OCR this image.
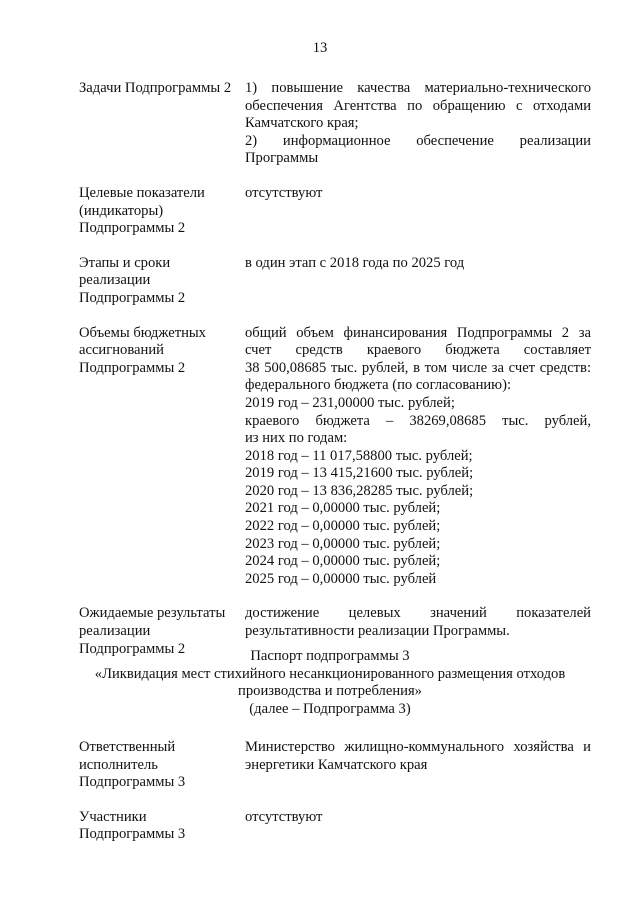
13
Задачи Подпрограммы 2 1) повышение качества материально-технического
обеспечения Агентства по обращению с отходами
Камчатского края;
2) информационное обеспечение реализации
Программы
Целевые показатели
(индикаторы)
Подпрограммы 2
отсутствуют
Этапы и сроки
реализации
Подпрограммы 2
в один этап с 2018 года по 2025 год
Объемы бюджетных
ассигнований
Подпрограммы 2
общий объем финансирования Подпрограммы 2 за
счет средств краевого бюджета составляет
38 500,08685 тыс. рублей, в том числе за счет средств:
федерального бюджета (по согласованию):
2019 год – 231,00000 тыс. рублей;
краевого бюджета – 38269,08685 тыс. рублей,
из них по годам:
2018 год – 11 017,58800 тыс. рублей;
2019 год – 13 415,21600 тыс. рублей;
2020 год – 13 836,28285 тыс. рублей;
2021 год – 0,00000 тыс. рублей;
2022 год – 0,00000 тыс. рублей;
2023 год – 0,00000 тыс. рублей;
2024 год – 0,00000 тыс. рублей;
2025 год – 0,00000 тыс. рублей
Ожидаемые результаты
реализации
Подпрограммы 2
достижение целевых значений показателей
результативности реализации Программы.
Паспорт подпрограммы 3
«Ликвидация мест стихийного несанкционированного размещения отходов
производства и потребления»
(далее – Подпрограмма 3)
Ответственный
исполнитель
Подпрограммы 3
Министерство жилищно-коммунального хозяйства и
энергетики Камчатского края
Участники
Подпрограммы 3
отсутствуют
